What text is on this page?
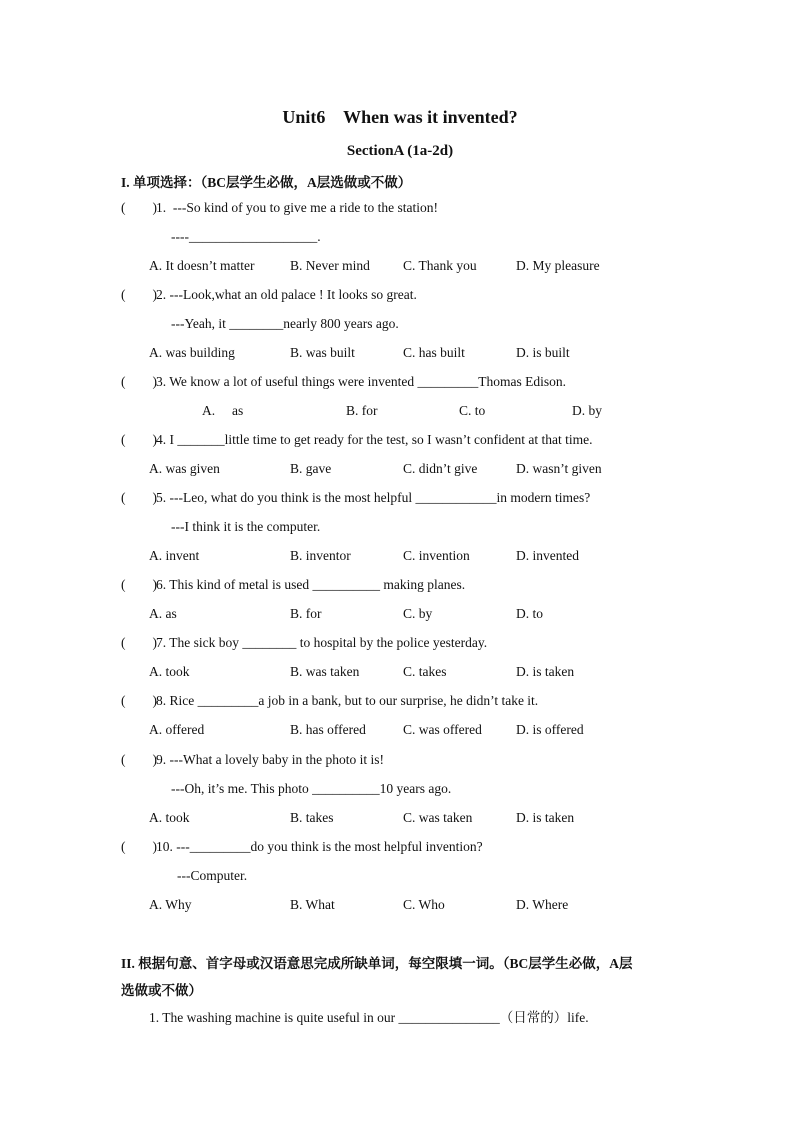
Unit6    When was it invented?
SectionA (1a-2d)
I. 单项选择：（BC层学生必做，A层选做或不做）
(        ) 1.  ---So kind of you to give me a ride to the station!
----___________________.
A. It doesn’t matter	B. Never mind C. Thank you	D. My pleasure
(        ) 2. ---Look,what an old palace ! It looks so great.
---Yeah, it ________nearly 800 years ago.
A. was building	B. was built	C. has built	D. is built
(        ) 3. We know a lot of useful things were invented _________Thomas Edison.
A.     as	B. for	C. to	D. by
(        ) 4. I _______little time to get ready for the test, so I wasn’t confident at that time.
A. was given	B. gave	C. didn’t give	D. wasn’t given
(        ) 5. ---Leo, what do you think is the most helpful ____________in modern times?
---I think it is the computer.
A. invent	B. inventor	C. invention	D. invented
(        ) 6. This kind of metal is used __________ making planes.
A. as	B. for	C. by	D. to
(        ) 7. The sick boy ________ to hospital by the police yesterday.
A. took	B. was taken	C. takes	D. is taken
(        ) 8. Rice _________a job in a bank, but to our surprise, he didn’t take it.
A. offered	B. has offered	C. was offered	D. is offered
(        ) 9. ---What a lovely baby in the photo it is!
---Oh, it’s me. This photo __________10 years ago.
A. took	B. takes	C. was taken	D. is taken
(        ) 10. ---_________do you think is the most helpful invention?
---Computer.
A. Why	B. What	C. Who	D. Where
II. 根据句意、首字母或汉语意思完成所缺单词，每空限填一词。（BC层学生必做，A层
选做或不做）
1. The washing machine is quite useful in our _______________（日常的）life.
